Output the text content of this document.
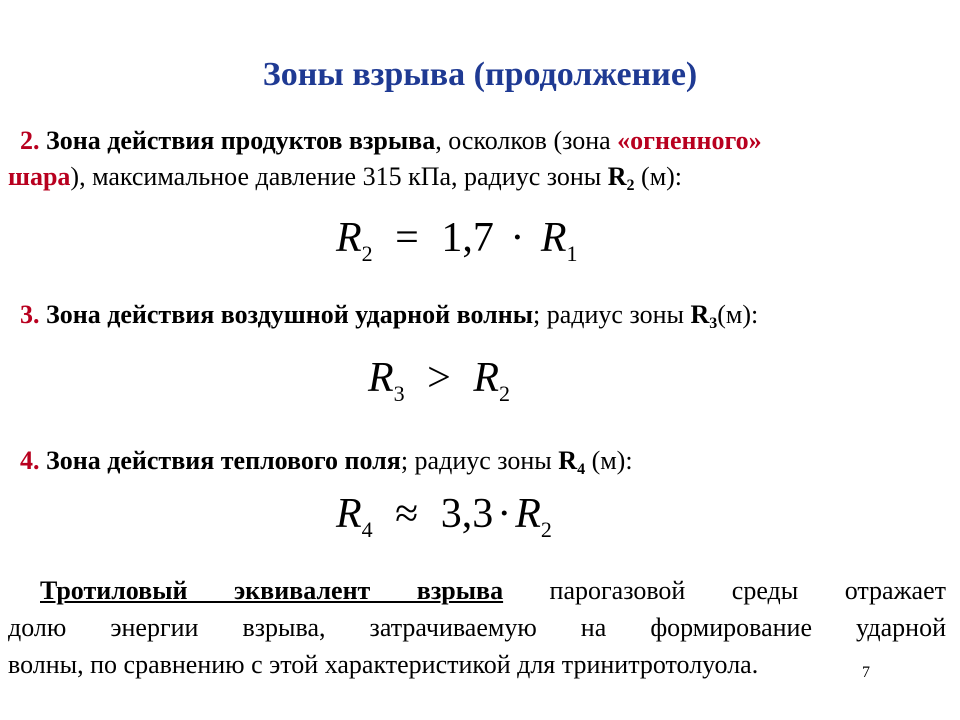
Зоны взрыва (продолжение)
2. Зона действия продуктов взрыва, осколков (зона «огненного»
шара), максимальное давление 315 кПа, радиус зоны $R_2$ (м):
$R_2 = 1,7 \cdot R_1$
3. Зона действия воздушной ударной волны; радиус зоны $R_3(м)$:
$R_3 > R_2$
4. Зона действия теплового поля; радиус зоны $R_4$ (м):
$R_4 \approx 3,3\cdot R_2$
Тротиловый эквивалент взрыва парогазовой среды отражает
долю энергии взрыва, затрачиваемую на формирование ударной
волны, по сравнению с этой характеристикой для тринитротолуола.	7
